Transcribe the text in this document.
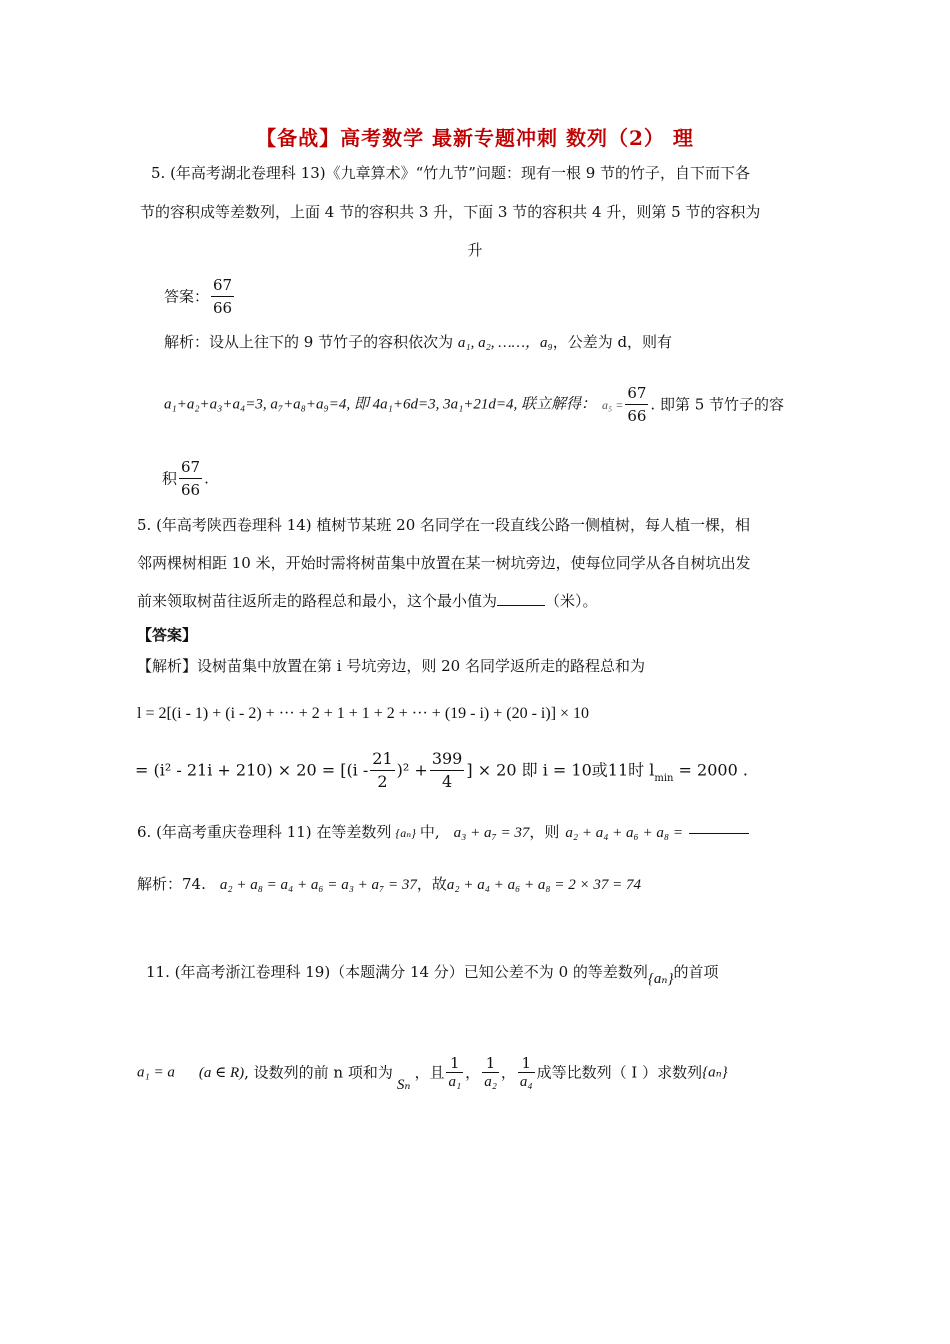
【备战】高考数学 最新专题冲刺 数列（2） 理
5. (年高考湖北卷理科 13)《九章算术》“竹九节”问题：现有一根 9 节的竹子，自下而下各
节的容积成等差数列，上面 4 节的容积共 3 升，下面 3 节的容积共 4 升，则第 5 节的容积为
升
答案： $\frac{67}{66}$
解析：设从上往下的 9 节竹子的容积依次为 a₁, a₂, ……，a₉，公差为 d，则有
a₁+a₂+a₃+a₄=3, a₇+a₈+a₉=4, 即 4a₁+6d=3, 3a₁+21d=4, 联立解得： $a_5 = \frac{67}{66}$ . 即第 5 节竹子的容
积 $\frac{67}{66}$ .
5. (年高考陕西卷理科 14) 植树节某班 20 名同学在一段直线公路一侧植树，每人植一棵，相
邻两棵树相距 10 米，开始时需将树苗集中放置在某一树坑旁边，使每位同学从各自树坑出发
前来领取树苗往返所走的路程总和最小，这个最小值为	（米）。
【答案】
【解析】设树苗集中放置在第 i 号坑旁边，则 20 名同学返所走的路程总和为
l = 2[(i - 1) + (i - 2) + ··· + 2 + 1 + 1 + 2 + ··· + (19 - i) + (20 - i)] × 10
= $(i^2 - 21i + 210) \times 20 = [(i - \frac{21}{2} )^2 + \frac{399}{4}$ ] × 20 即 i = 10或11时 $l_{min} = 2000$ .
6. (年高考重庆卷理科 11) 在等差数列 {aₙ} 中, a₃ + a₇ = 37，则 a₂ + a₄ + a₆ + a₈ =
解析：74. a₂ + a₈ = a₄ + a₆ = a₃ + a₇ = 37，故a₂ + a₄ + a₆ + a₈ = 2 × 37 = 74
11. (年高考浙江卷理科 19)（本题满分 14 分）已知公差不为 0 的等差数列{aₙ}的首项
a₁ = a (a ∈ R), 设数列的前 n 项和为Sₙ，且 $\frac{1}{\text{a₁}}$ ， $\frac{1}{\text{a₂}}$ ， $\frac{1}{\text{a₄}}$ 成等比数列（ I ）求数列{aₙ}
